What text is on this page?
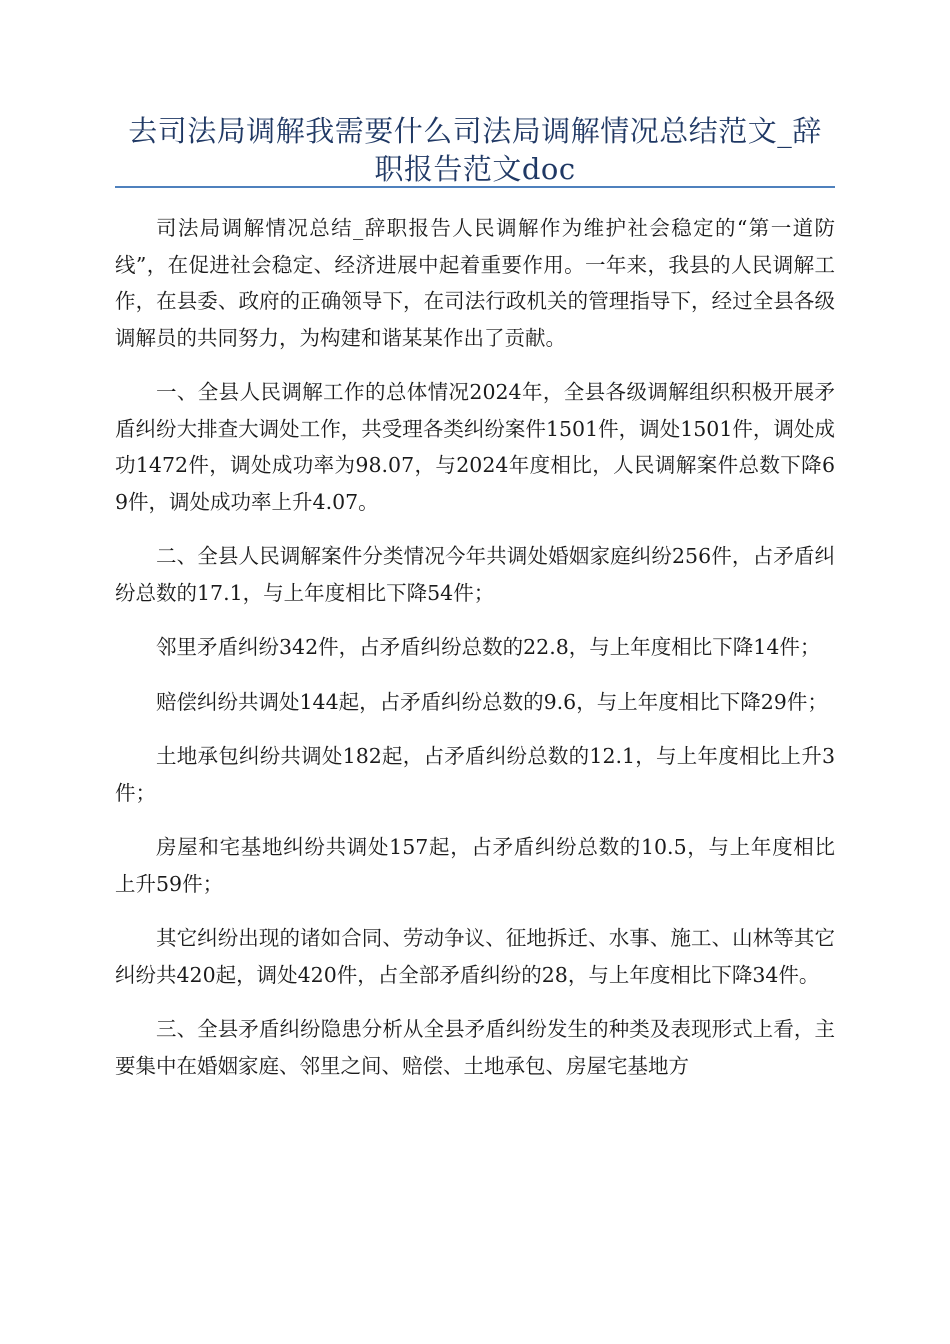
去司法局调解我需要什么司法局调解情况总结范文_辞职报告范文doc

司法局调解情况总结_辞职报告人民调解作为维护社会稳定的“第一道防线”，在促进社会稳定、经济进展中起着重要作用。一年来，我县的人民调解工作，在县委、政府的正确领导下，在司法行政机关的管理指导下，经过全县各级调解员的共同努力，为构建和谐某某作出了贡献。

一、全县人民调解工作的总体情况2024年，全县各级调解组织积极开展矛盾纠纷大排查大调处工作，共受理各类纠纷案件1501件，调处1501件，调处成功1472件，调处成功率为98.07，与2024年度相比，人民调解案件总数下降69件，调处成功率上升4.07。

二、全县人民调解案件分类情况今年共调处婚姻家庭纠纷256件，占矛盾纠纷总数的17.1，与上年度相比下降54件；

邻里矛盾纠纷342件，占矛盾纠纷总数的22.8，与上年度相比下降14件；

赔偿纠纷共调处144起，占矛盾纠纷总数的9.6，与上年度相比下降29件；

土地承包纠纷共调处182起，占矛盾纠纷总数的12.1，与上年度相比上升3件；

房屋和宅基地纠纷共调处157起，占矛盾纠纷总数的10.5，与上年度相比上升59件；

其它纠纷出现的诸如合同、劳动争议、征地拆迁、水事、施工、山林等其它纠纷共420起，调处420件，占全部矛盾纠纷的28，与上年度相比下降34件。

三、全县矛盾纠纷隐患分析从全县矛盾纠纷发生的种类及表现形式上看，主要集中在婚姻家庭、邻里之间、赔偿、土地承包、房屋宅基地方
